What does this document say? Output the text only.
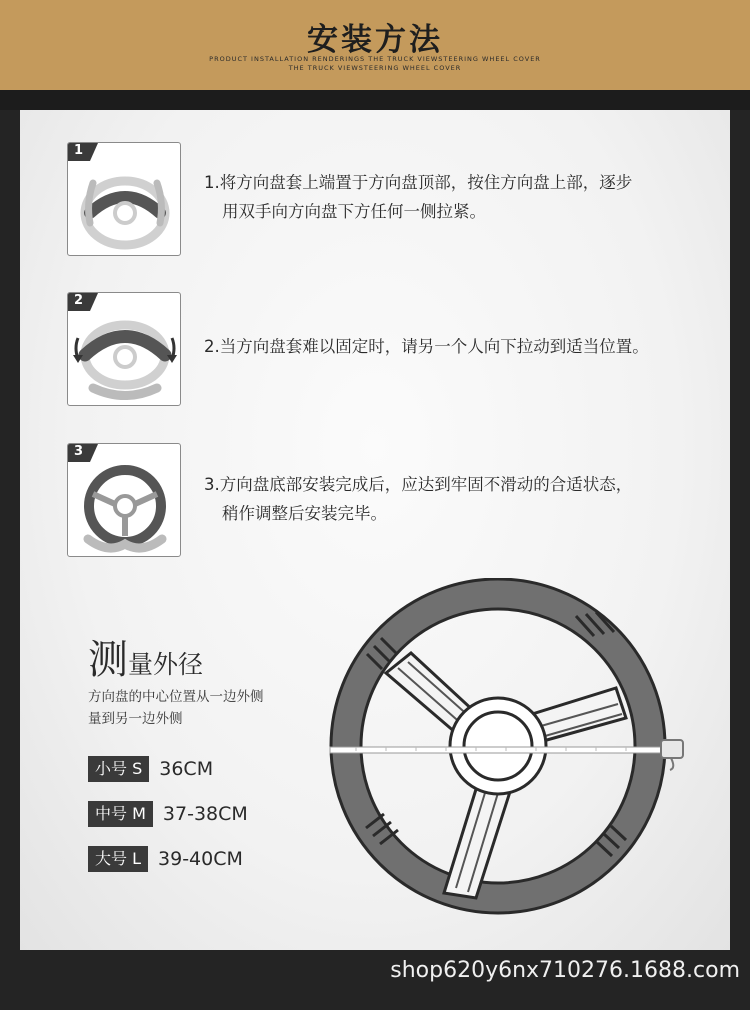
安装方法
PRODUCT INSTALLATION RENDERINGS THE TRUCK VIEWSTEERING WHEEL COVER
THE TRUCK VIEWSTEERING WHEEL COVER
1
1.将方向盘套上端置于方向盘顶部，按住方向盘上部，逐步
用双手向方向盘下方任何一侧拉紧。
2
2.当方向盘套难以固定时，请另一个人向下拉动到适当位置。
3
3.方向盘底部安装完成后，应达到牢固不滑动的合适状态，
稍作调整后安装完毕。
测量外径
方向盘的中心位置从一边外侧
量到另一边外侧
小号 S 36CM
中号 M 37-38CM
大号 L 39-40CM
shop620y6nx710276.1688.com
